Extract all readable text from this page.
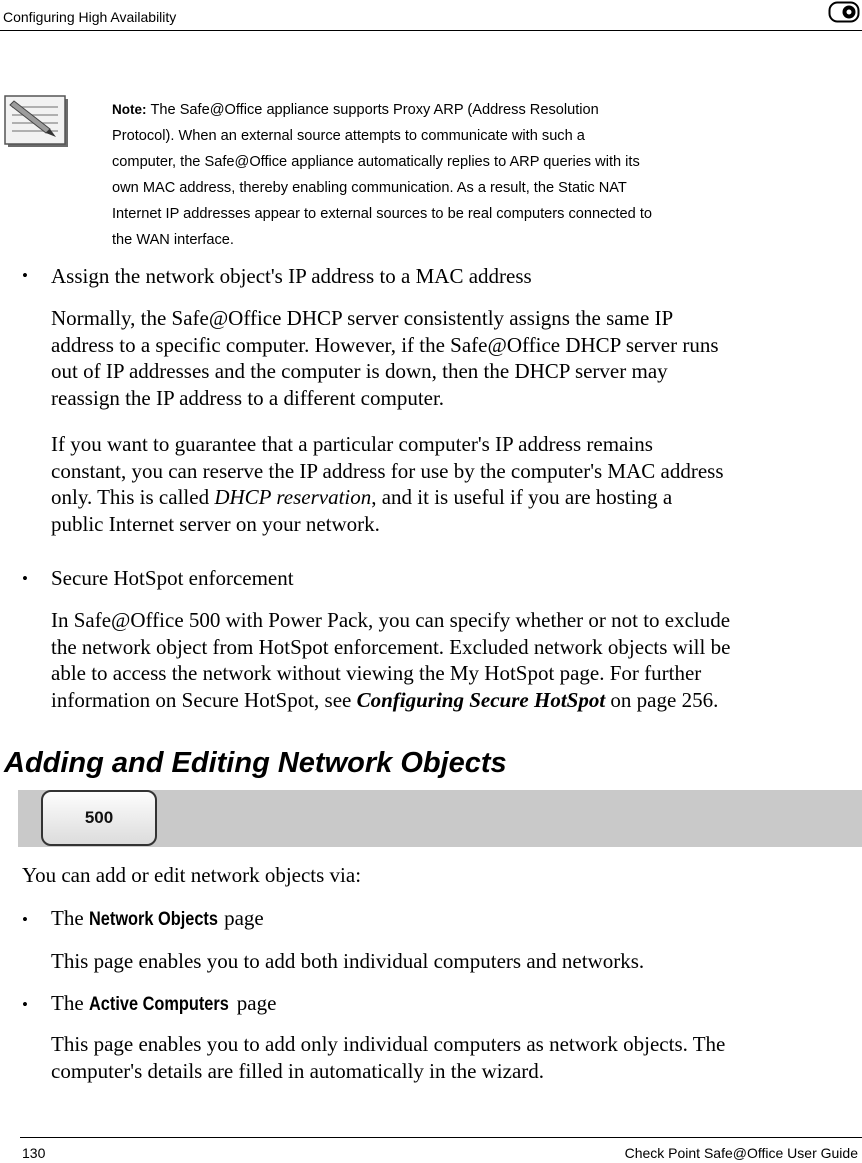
Configuring High Availability
Note: The Safe@Office appliance supports Proxy ARP (Address Resolution
Protocol). When an external source attempts to communicate with such a
computer, the Safe@Office appliance automatically replies to ARP queries with its
own MAC address, thereby enabling communication. As a result, the Static NAT
Internet IP addresses appear to external sources to be real computers connected to
the WAN interface.
• Assign the network object's IP address to a MAC address
Normally, the Safe@Office DHCP server consistently assigns the same IP
address to a specific computer. However, if the Safe@Office DHCP server runs
out of IP addresses and the computer is down, then the DHCP server may
reassign the IP address to a different computer.
If you want to guarantee that a particular computer's IP address remains
constant, you can reserve the IP address for use by the computer's MAC address
only. This is called DHCP reservation, and it is useful if you are hosting a
public Internet server on your network.
• Secure HotSpot enforcement
In Safe@Office 500 with Power Pack, you can specify whether or not to exclude
the network object from HotSpot enforcement. Excluded network objects will be
able to access the network without viewing the My HotSpot page. For further
information on Secure HotSpot, see Configuring Secure HotSpot on page 256.
Adding and Editing Network Objects
500
You can add or edit network objects via:
• The Network Objects page
This page enables you to add both individual computers and networks.
• The Active Computers page
This page enables you to add only individual computers as network objects. The
computer's details are filled in automatically in the wizard.
130	Check Point Safe@Office User Guide
